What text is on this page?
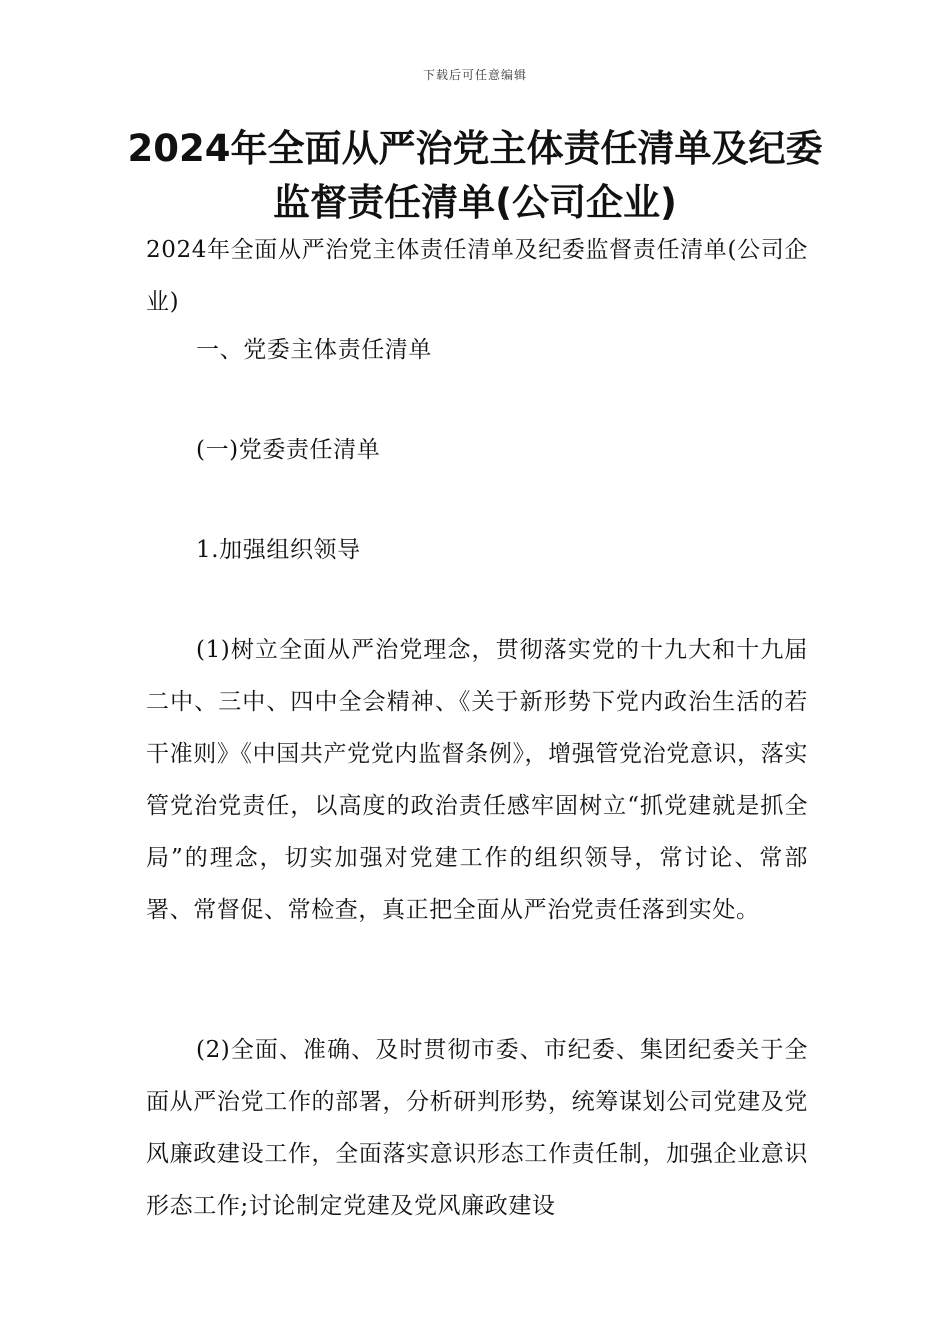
下载后可任意编辑
2024年全面从严治党主体责任清单及纪委监督责任清单(公司企业)

2024年全面从严治党主体责任清单及纪委监督责任清单(公司企业)

一、党委主体责任清单

(一)党委责任清单

1.加强组织领导

(1)树立全面从严治党理念，贯彻落实党的十九大和十九届二中、三中、四中全会精神、《关于新形势下党内政治生活的若干准则》《中国共产党党内监督条例》，增强管党治党意识，落实管党治党责任，以高度的政治责任感牢固树立“抓党建就是抓全局”的理念，切实加强对党建工作的组织领导，常讨论、常部署、常督促、常检查，真正把全面从严治党责任落到实处。

(2)全面、准确、及时贯彻市委、市纪委、集团纪委关于全面从严治党工作的部署，分析研判形势，统筹谋划公司党建及党风廉政建设工作，全面落实意识形态工作责任制，加强企业意识形态工作;讨论制定党建及党风廉政建设
